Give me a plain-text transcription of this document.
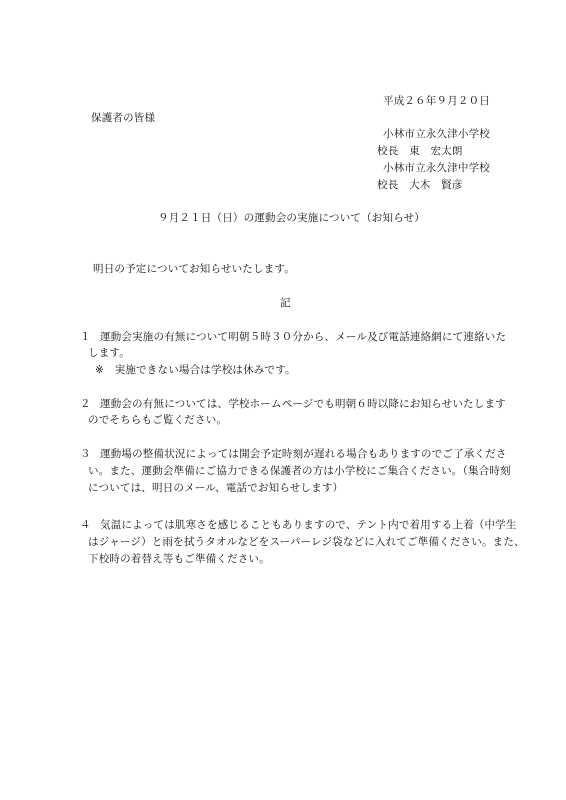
平成２６年９月２０日
保護者の皆様
小林市立永久津小学校
校長　東　宏太朗
小林市立永久津中学校
校長　大木　賢彦
９月２１日（日）の運動会の実施について（お知らせ）
明日の予定についてお知らせいたします。
記
１ 運動会実施の有無について明朝５時３０分から、メール及び電話連絡網にて連絡いた
します。
※　実施できない場合は学校は休みです。
２ 運動会の有無については、学校ホームページでも明朝６時以降にお知らせいたします
のでそちらもご覧ください。
３ 運動場の整備状況によっては開会予定時刻が遅れる場合もありますのでご了承くださ
い。また、運動会準備にご協力できる保護者の方は小学校にご集合ください。（集合時刻
については、明日のメール、電話でお知らせします）
４ 気温によっては肌寒さを感じることもありますので、テント内で着用する上着（中学生
はジャージ）と雨を拭うタオルなどをスーパーレジ袋などに入れてご準備ください。また、
下校時の着替え等もご準備ください。
